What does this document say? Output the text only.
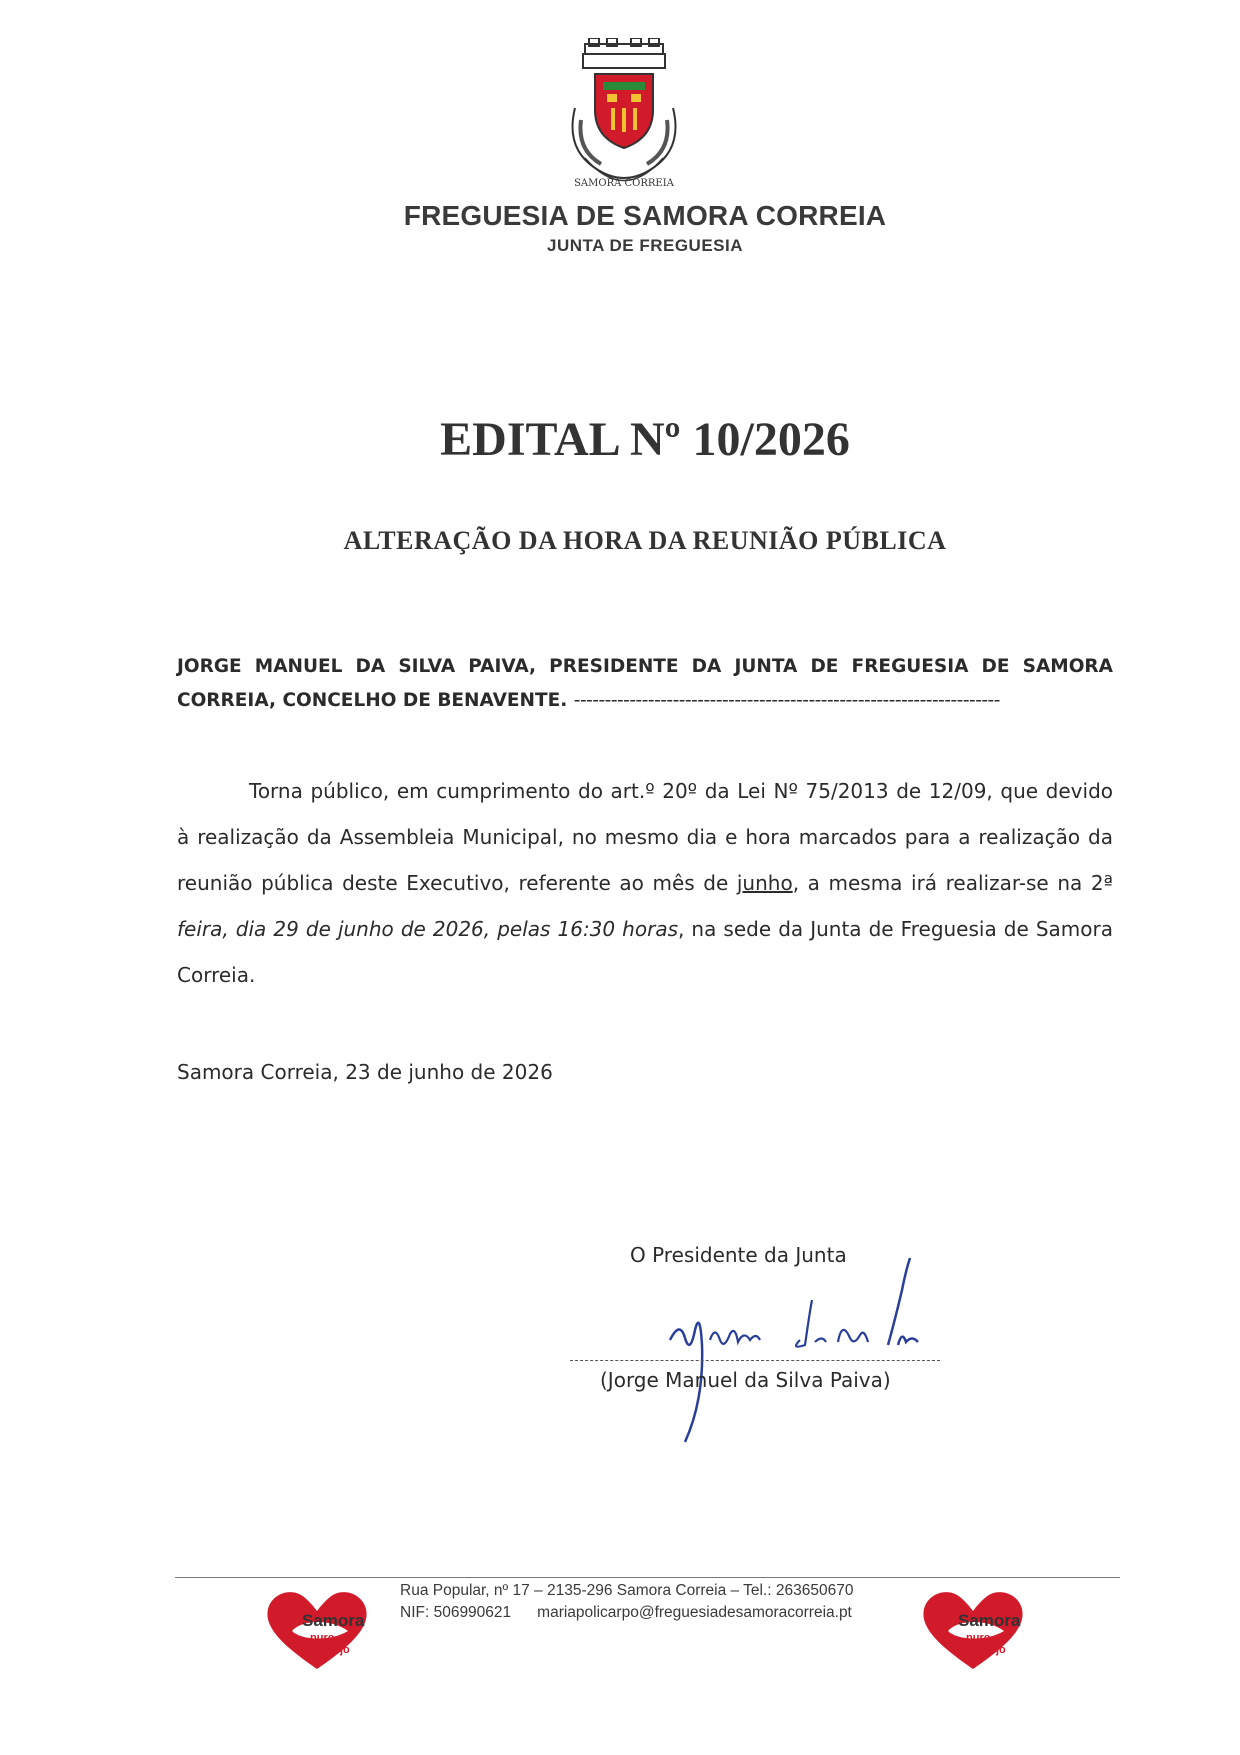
SAMORA CORREIA
FREGUESIA DE SAMORA CORREIA
JUNTA DE FREGUESIA
EDITAL Nº 10/2026
ALTERAÇÃO DA HORA DA REUNIÃO PÚBLICA
JORGE MANUEL DA SILVA PAIVA, PRESIDENTE DA JUNTA DE FREGUESIA DE SAMORA CORREIA, CONCELHO DE BENAVENTE. ---------------------------------------------------------------------
Torna público, em cumprimento do art.º 20º da Lei Nº 75/2013 de 12/09, que devido à realização da Assembleia Municipal, no mesmo dia e hora marcados para a realização da reunião pública deste Executivo, referente ao mês de junho, a mesma irá realizar-se na 2ª feira, dia 29 de junho de 2026, pelas 16:30 horas, na sede da Junta de Freguesia de Samora Correia.
Samora Correia, 23 de junho de 2026
O Presidente da Junta
(Jorge Manuel da Silva Paiva)
Rua Popular, nº 17 – 2135-296 Samora Correia – Tel.: 263650670
NIF: 506990621 mariapolicarpo@freguesiadesamoracorreia.pt
Samora
puro ribatejo
Samora
puro ribatejo
